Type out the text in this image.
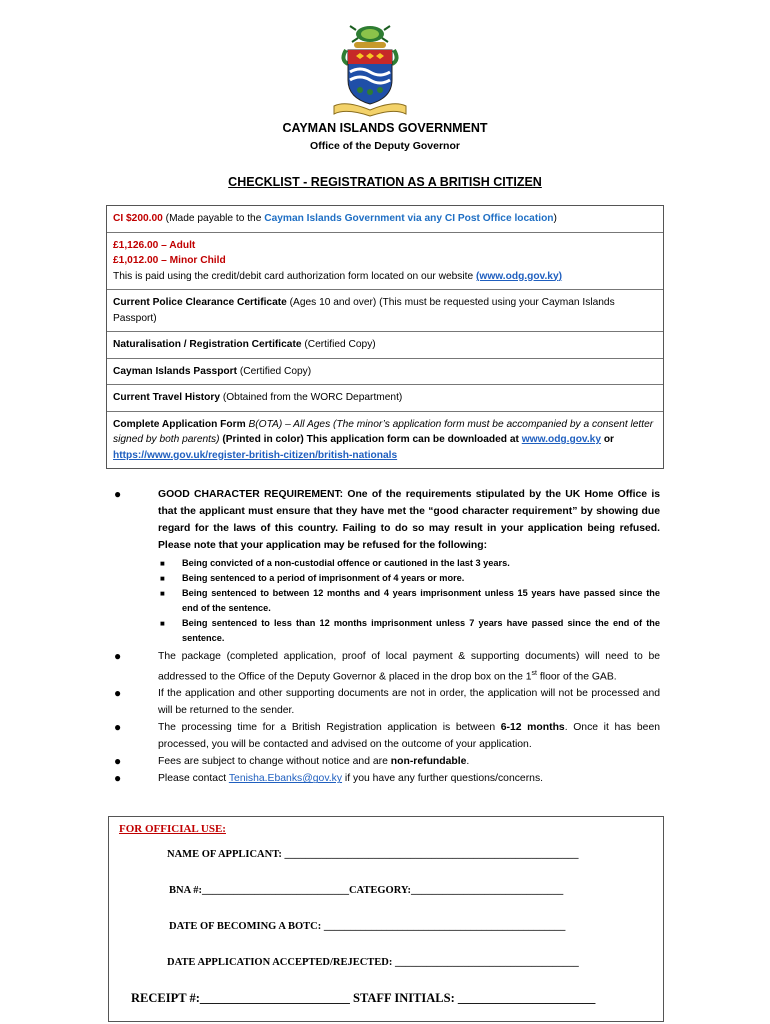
CAYMAN ISLANDS GOVERNMENT
Office of the Deputy Governor
CHECKLIST - REGISTRATION AS A BRITISH CITIZEN
CI $200.00 (Made payable to the Cayman Islands Government via any CI Post Office location)
£1,126.00 – Adult
£1,012.00 – Minor Child
This is paid using the credit/debit card authorization form located on our website (www.odg.gov.ky)
Current Police Clearance Certificate (Ages 10 and over) (This must be requested using your Cayman Islands Passport)
Naturalisation / Registration Certificate (Certified Copy)
Cayman Islands Passport (Certified Copy)
Current Travel History (Obtained from the WORC Department)
Complete Application Form B(OTA) – All Ages (The minor’s application form must be accompanied by a consent letter signed by both parents) (Printed in color) This application form can be downloaded at www.odg.gov.ky or https://www.gov.uk/register-british-citizen/british-nationals
●	GOOD CHARACTER REQUIREMENT: One of the requirements stipulated by the UK Home Office is that the applicant must ensure that they have met the “good character requirement” by showing due regard for the laws of this country. Failing to do so may result in your application being refused. Please note that your application may be refused for the following:
■ Being convicted of a non-custodial offence or cautioned in the last 3 years.
■ Being sentenced to a period of imprisonment of 4 years or more.
■ Being sentenced to between 12 months and 4 years imprisonment unless 15 years have passed since the end of the sentence.
■ Being sentenced to less than 12 months imprisonment unless 7 years have passed since the end of the sentence.
●	The package (completed application, proof of local payment & supporting documents) will need to be addressed to the Office of the Deputy Governor & placed in the drop box on the 1st floor of the GAB.
●	If the application and other supporting documents are not in order, the application will not be processed and will be returned to the sender.
●	The processing time for a British Registration application is between 6-12 months. Once it has been processed, you will be contacted and advised on the outcome of your application.
●	Fees are subject to change without notice and are non-refundable.
●	Please contact Tenisha.Ebanks@gov.ky if you have any further questions/concerns.
FOR OFFICIAL USE:
NAME OF APPLICANT: ________________________________________________________
BNA #:____________________________CATEGORY:_____________________________
DATE OF BECOMING A BOTC: ______________________________________________
DATE APPLICATION ACCEPTED/REJECTED: ___________________________________
RECEIPT #:________________________ STAFF INITIALS: ______________________
